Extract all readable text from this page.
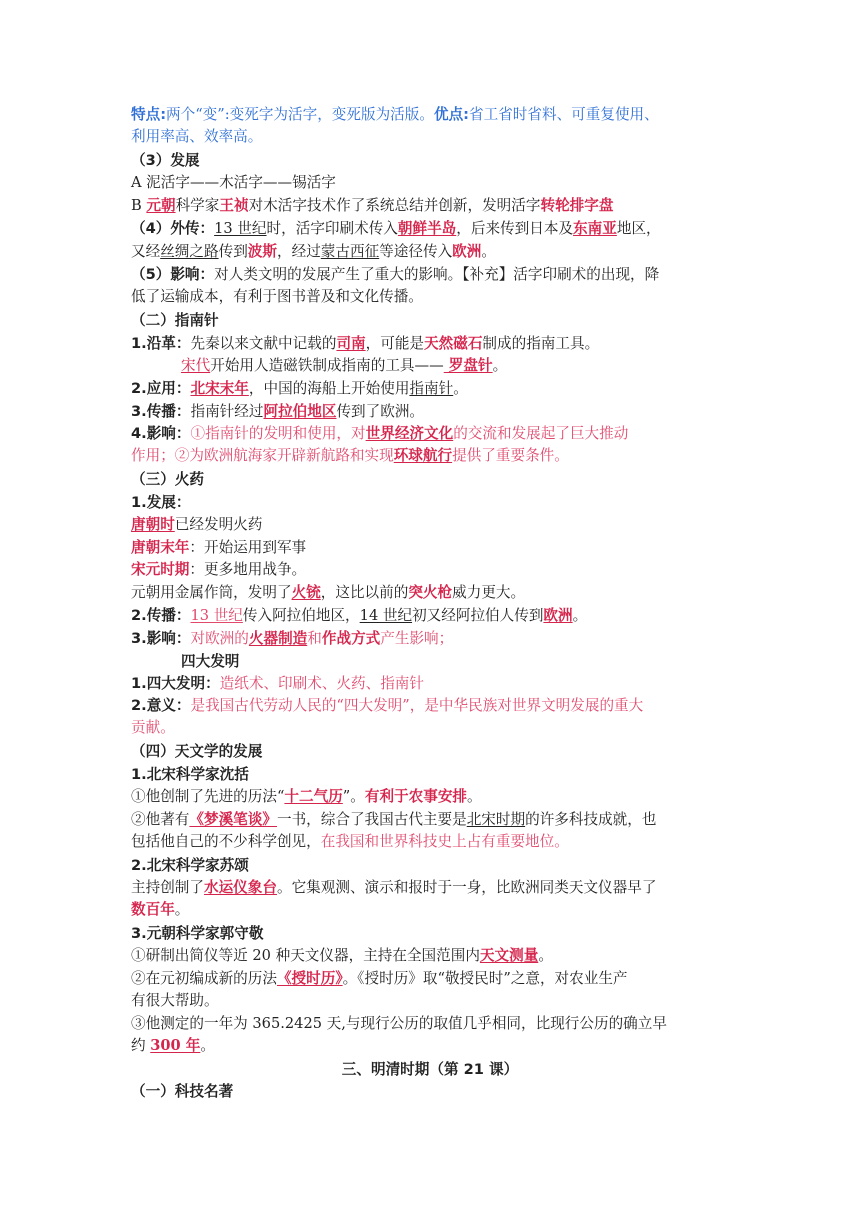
特点:两个“变”:变死字为活字，变死版为活版。优点:省工省时省料、可重复使用、
利用率高、效率高。
（3）发展
A 泥活字——木活字——锡活字
B 元朝科学家王祯对木活字技术作了系统总结并创新，发明活字转轮排字盘
（4）外传：13 世纪时，活字印刷术传入朝鲜半岛，后来传到日本及东南亚地区，
又经丝绸之路传到波斯，经过蒙古西征等途径传入欧洲。
（5）影响：对人类文明的发展产生了重大的影响。【补充】活字印刷术的出现，降
低了运输成本，有利于图书普及和文化传播。
（二）指南针
1.沿革：先秦以来文献中记载的司南，可能是天然磁石制成的指南工具。
宋代开始用人造磁铁制成指南的工具—— 罗盘针。
2.应用：北宋末年，中国的海船上开始使用指南针。
3.传播：指南针经过阿拉伯地区传到了欧洲。
4.影响：①指南针的发明和使用，对世界经济文化的交流和发展起了巨大推动
作用；②为欧洲航海家开辟新航路和实现环球航行提供了重要条件。
（三）火药
1.发展：
唐朝时已经发明火药
唐朝末年：开始运用到军事
宋元时期：更多地用战争。
元朝用金属作筒，发明了火铳，这比以前的突火枪威力更大。
2.传播：13 世纪传入阿拉伯地区，14 世纪初又经阿拉伯人传到欧洲。
3.影响：对欧洲的火器制造和作战方式产生影响；
四大发明
1.四大发明：造纸术、印刷术、火药、指南针
2.意义：是我国古代劳动人民的“四大发明”，是中华民族对世界文明发展的重大
贡献。
（四）天文学的发展
1.北宋科学家沈括
①他创制了先进的历法“十二气历”。有利于农事安排。
②他著有《梦溪笔谈》一书，综合了我国古代主要是北宋时期的许多科技成就，也
包括他自己的不少科学创见，在我国和世界科技史上占有重要地位。
2.北宋科学家苏颂
主持创制了水运仪象台。它集观测、演示和报时于一身，比欧洲同类天文仪器早了
数百年。
3.元朝科学家郭守敬
①研制出简仪等近 20 种天文仪器，主持在全国范围内天文测量。
②在元初编成新的历法《授时历》。《授时历》取“敬授民时”之意，对农业生产
有很大帮助。
③他测定的一年为 365.2425 天,与现行公历的取值几乎相同，比现行公历的确立早
约 300 年。
三、明清时期（第 21 课）
（一）科技名著
